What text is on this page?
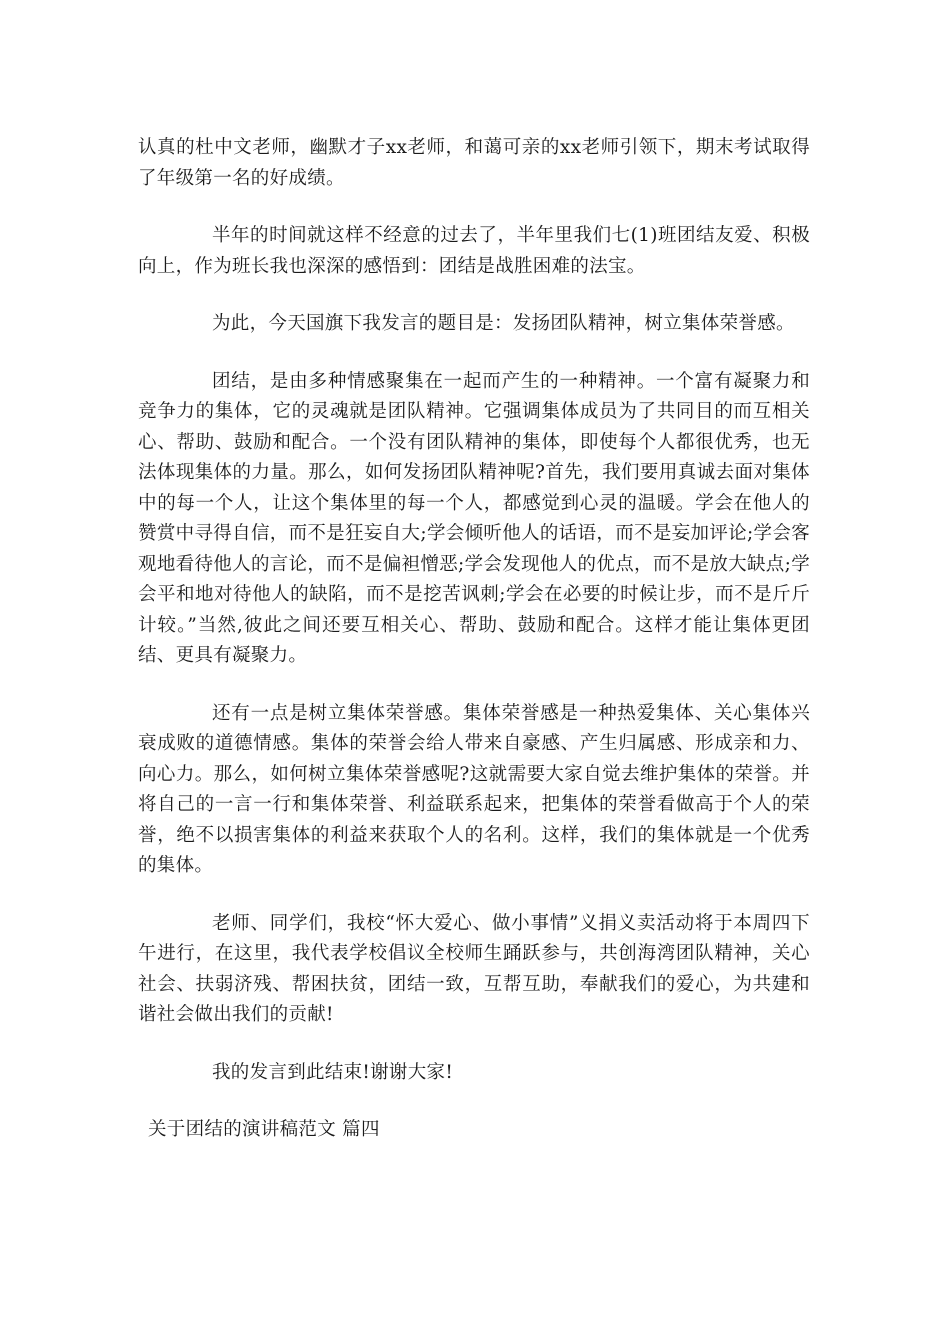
认真的杜中文老师，幽默才子xx老师，和蔼可亲的xx老师引领下，期末考试取得了年级第一名的好成绩。

半年的时间就这样不经意的过去了，半年里我们七(1)班团结友爱、积极向上，作为班长我也深深的感悟到：团结是战胜困难的法宝。

为此，今天国旗下我发言的题目是：发扬团队精神，树立集体荣誉感。

团结，是由多种情感聚集在一起而产生的一种精神。一个富有凝聚力和竞争力的集体，它的灵魂就是团队精神。它强调集体成员为了共同目的而互相关心、帮助、鼓励和配合。一个没有团队精神的集体，即使每个人都很优秀，也无法体现集体的力量。那么，如何发扬团队精神呢?首先，我们要用真诚去面对集体中的每一个人，让这个集体里的每一个人，都感觉到心灵的温暖。学会在他人的赞赏中寻得自信，而不是狂妄自大;学会倾听他人的话语，而不是妄加评论;学会客观地看待他人的言论，而不是偏袒憎恶;学会发现他人的优点，而不是放大缺点;学会平和地对待他人的缺陷，而不是挖苦讽刺;学会在必要的时候让步，而不是斤斤计较。”当然,彼此之间还要互相关心、帮助、鼓励和配合。这样才能让集体更团结、更具有凝聚力。

还有一点是树立集体荣誉感。集体荣誉感是一种热爱集体、关心集体兴衰成败的道德情感。集体的荣誉会给人带来自豪感、产生归属感、形成亲和力、向心力。那么，如何树立集体荣誉感呢?这就需要大家自觉去维护集体的荣誉。并将自己的一言一行和集体荣誉、利益联系起来，把集体的荣誉看做高于个人的荣誉，绝不以损害集体的利益来获取个人的名利。这样，我们的集体就是一个优秀的集体。

老师、同学们，我校“怀大爱心、做小事情”义捐义卖活动将于本周四下午进行，在这里，我代表学校倡议全校师生踊跃参与，共创海湾团队精神，关心社会、扶弱济残、帮困扶贫，团结一致，互帮互助，奉献我们的爱心，为共建和谐社会做出我们的贡献!

我的发言到此结束!谢谢大家!

关于团结的演讲稿范文 篇四
